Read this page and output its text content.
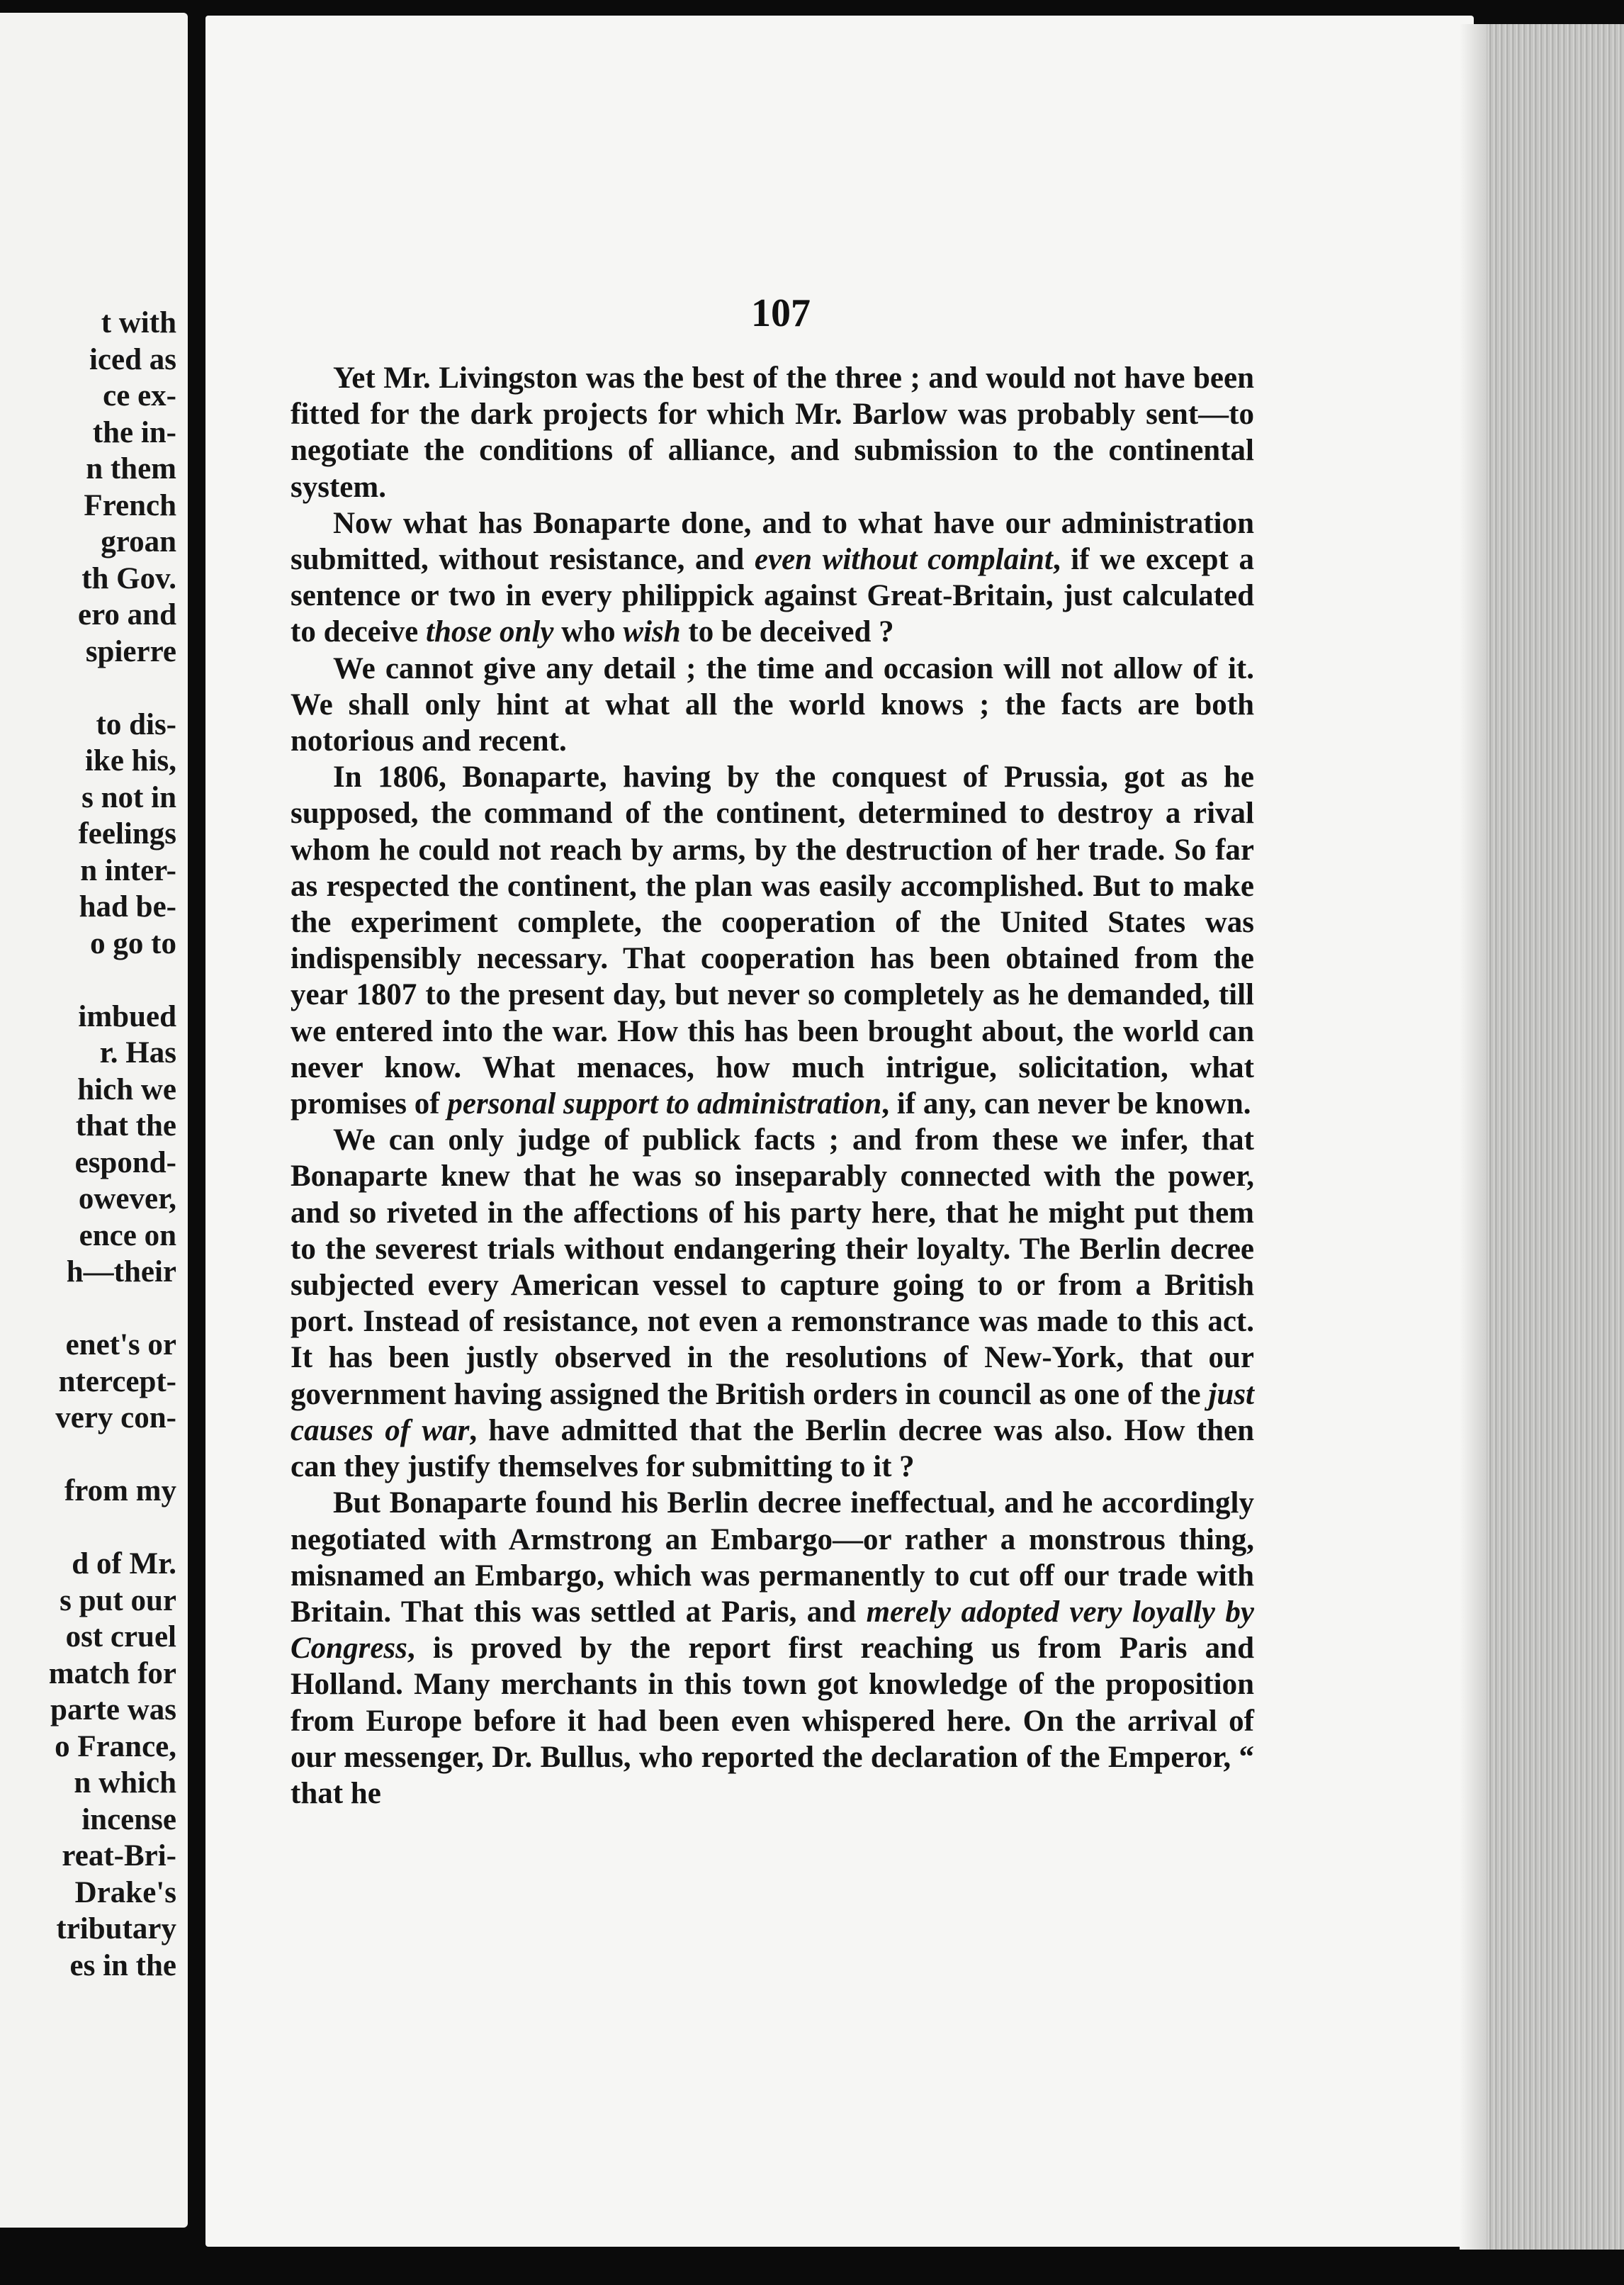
t with
iced as
ce ex-
the in-
n them
French
groan
th Gov.
ero and
spierre
to dis-
ike his,
s not in
feelings
n inter-
had be-
o go to
imbued
r. Has
hich we
that the
espond-
owever,
ence on
h—their
enet's or
ntercept-
very con-
from my
d of Mr.
s put our
ost cruel
match for
parte was
o France,
n which
incense
reat-Bri-
Drake's
tributary
es in the
107

Yet Mr. Livingston was the best of the three ; and would not have been fitted for the dark projects for which Mr. Barlow was probably sent—to negotiate the conditions of alliance, and submission to the continental system.

Now what has Bonaparte done, and to what have our administration submitted, without resistance, and even without complaint, if we except a sentence or two in every philippick against Great-Britain, just calculated to deceive those only who wish to be deceived ?

We cannot give any detail ; the time and occasion will not allow of it. We shall only hint at what all the world knows ; the facts are both notorious and recent.

In 1806, Bonaparte, having by the conquest of Prussia, got as he supposed, the command of the continent, determined to destroy a rival whom he could not reach by arms, by the destruction of her trade. So far as respected the continent, the plan was easily accomplished. But to make the experiment complete, the cooperation of the United States was indispensibly necessary. That cooperation has been obtained from the year 1807 to the present day, but never so completely as he demanded, till we entered into the war. How this has been brought about, the world can never know. What menaces, how much intrigue, solicitation, what promises of personal support to administration, if any, can never be known.

We can only judge of publick facts ; and from these we infer, that Bonaparte knew that he was so inseparably connected with the power, and so riveted in the affections of his party here, that he might put them to the severest trials without endangering their loyalty. The Berlin decree subjected every American vessel to capture going to or from a British port. Instead of resistance, not even a remonstrance was made to this act. It has been justly observed in the resolutions of New-York, that our government having assigned the British orders in council as one of the just causes of war, have admitted that the Berlin decree was also. How then can they justify themselves for submitting to it ?

But Bonaparte found his Berlin decree ineffectual, and he accordingly negotiated with Armstrong an Embargo—or rather a monstrous thing, misnamed an Embargo, which was permanently to cut off our trade with Britain. That this was settled at Paris, and merely adopted very loyally by Congress, is proved by the report first reaching us from Paris and Holland. Many merchants in this town got knowledge of the proposition from Europe before it had been even whispered here. On the arrival of our messenger, Dr. Bullus, who reported the declaration of the Emperor, “ that he
